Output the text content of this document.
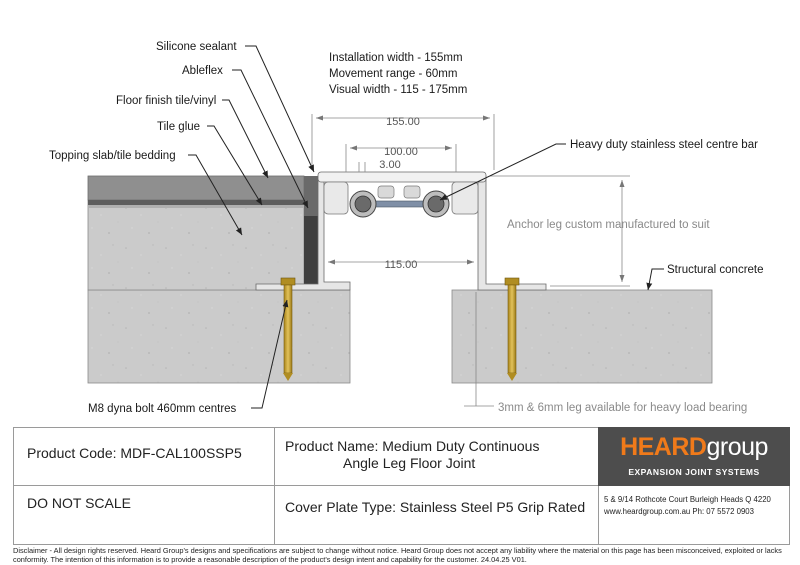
155.00
100.00
3.00
115.00
Installation width - 155mm
Movement range - 60mm
Visual width - 115 - 175mm
Silicone sealant
Ableflex
Floor finish tile/vinyl
Tile glue
Topping slab/tile bedding
Heavy duty stainless steel centre bar
Anchor leg custom manufactured to suit
Structural concrete
M8 dyna bolt 460mm centres	3mm & 6mm leg available for heavy load bearing
Product Code: MDF-CAL100SSP5	Product Name: Medium Duty Continuous
Angle Leg Floor Joint
DO NOT SCALE	Cover Plate Type: Stainless Steel P5 Grip Rated
HEARDgroup
EXPANSION JOINT SYSTEMS
5 & 9/14 Rothcote Court Burleigh Heads Q 4220
www.heardgroup.com.au Ph: 07 5572 0903
Disclaimer - All design rights reserved. Heard Group's designs and specifications are subject to change without notice. Heard Group does not accept any liability where the material on this page has been misconceived, exploited or lacks conformity. The intention of this information is to provide a reasonable description of the product's design intent and capability for the customer. 24.04.25 V01.
